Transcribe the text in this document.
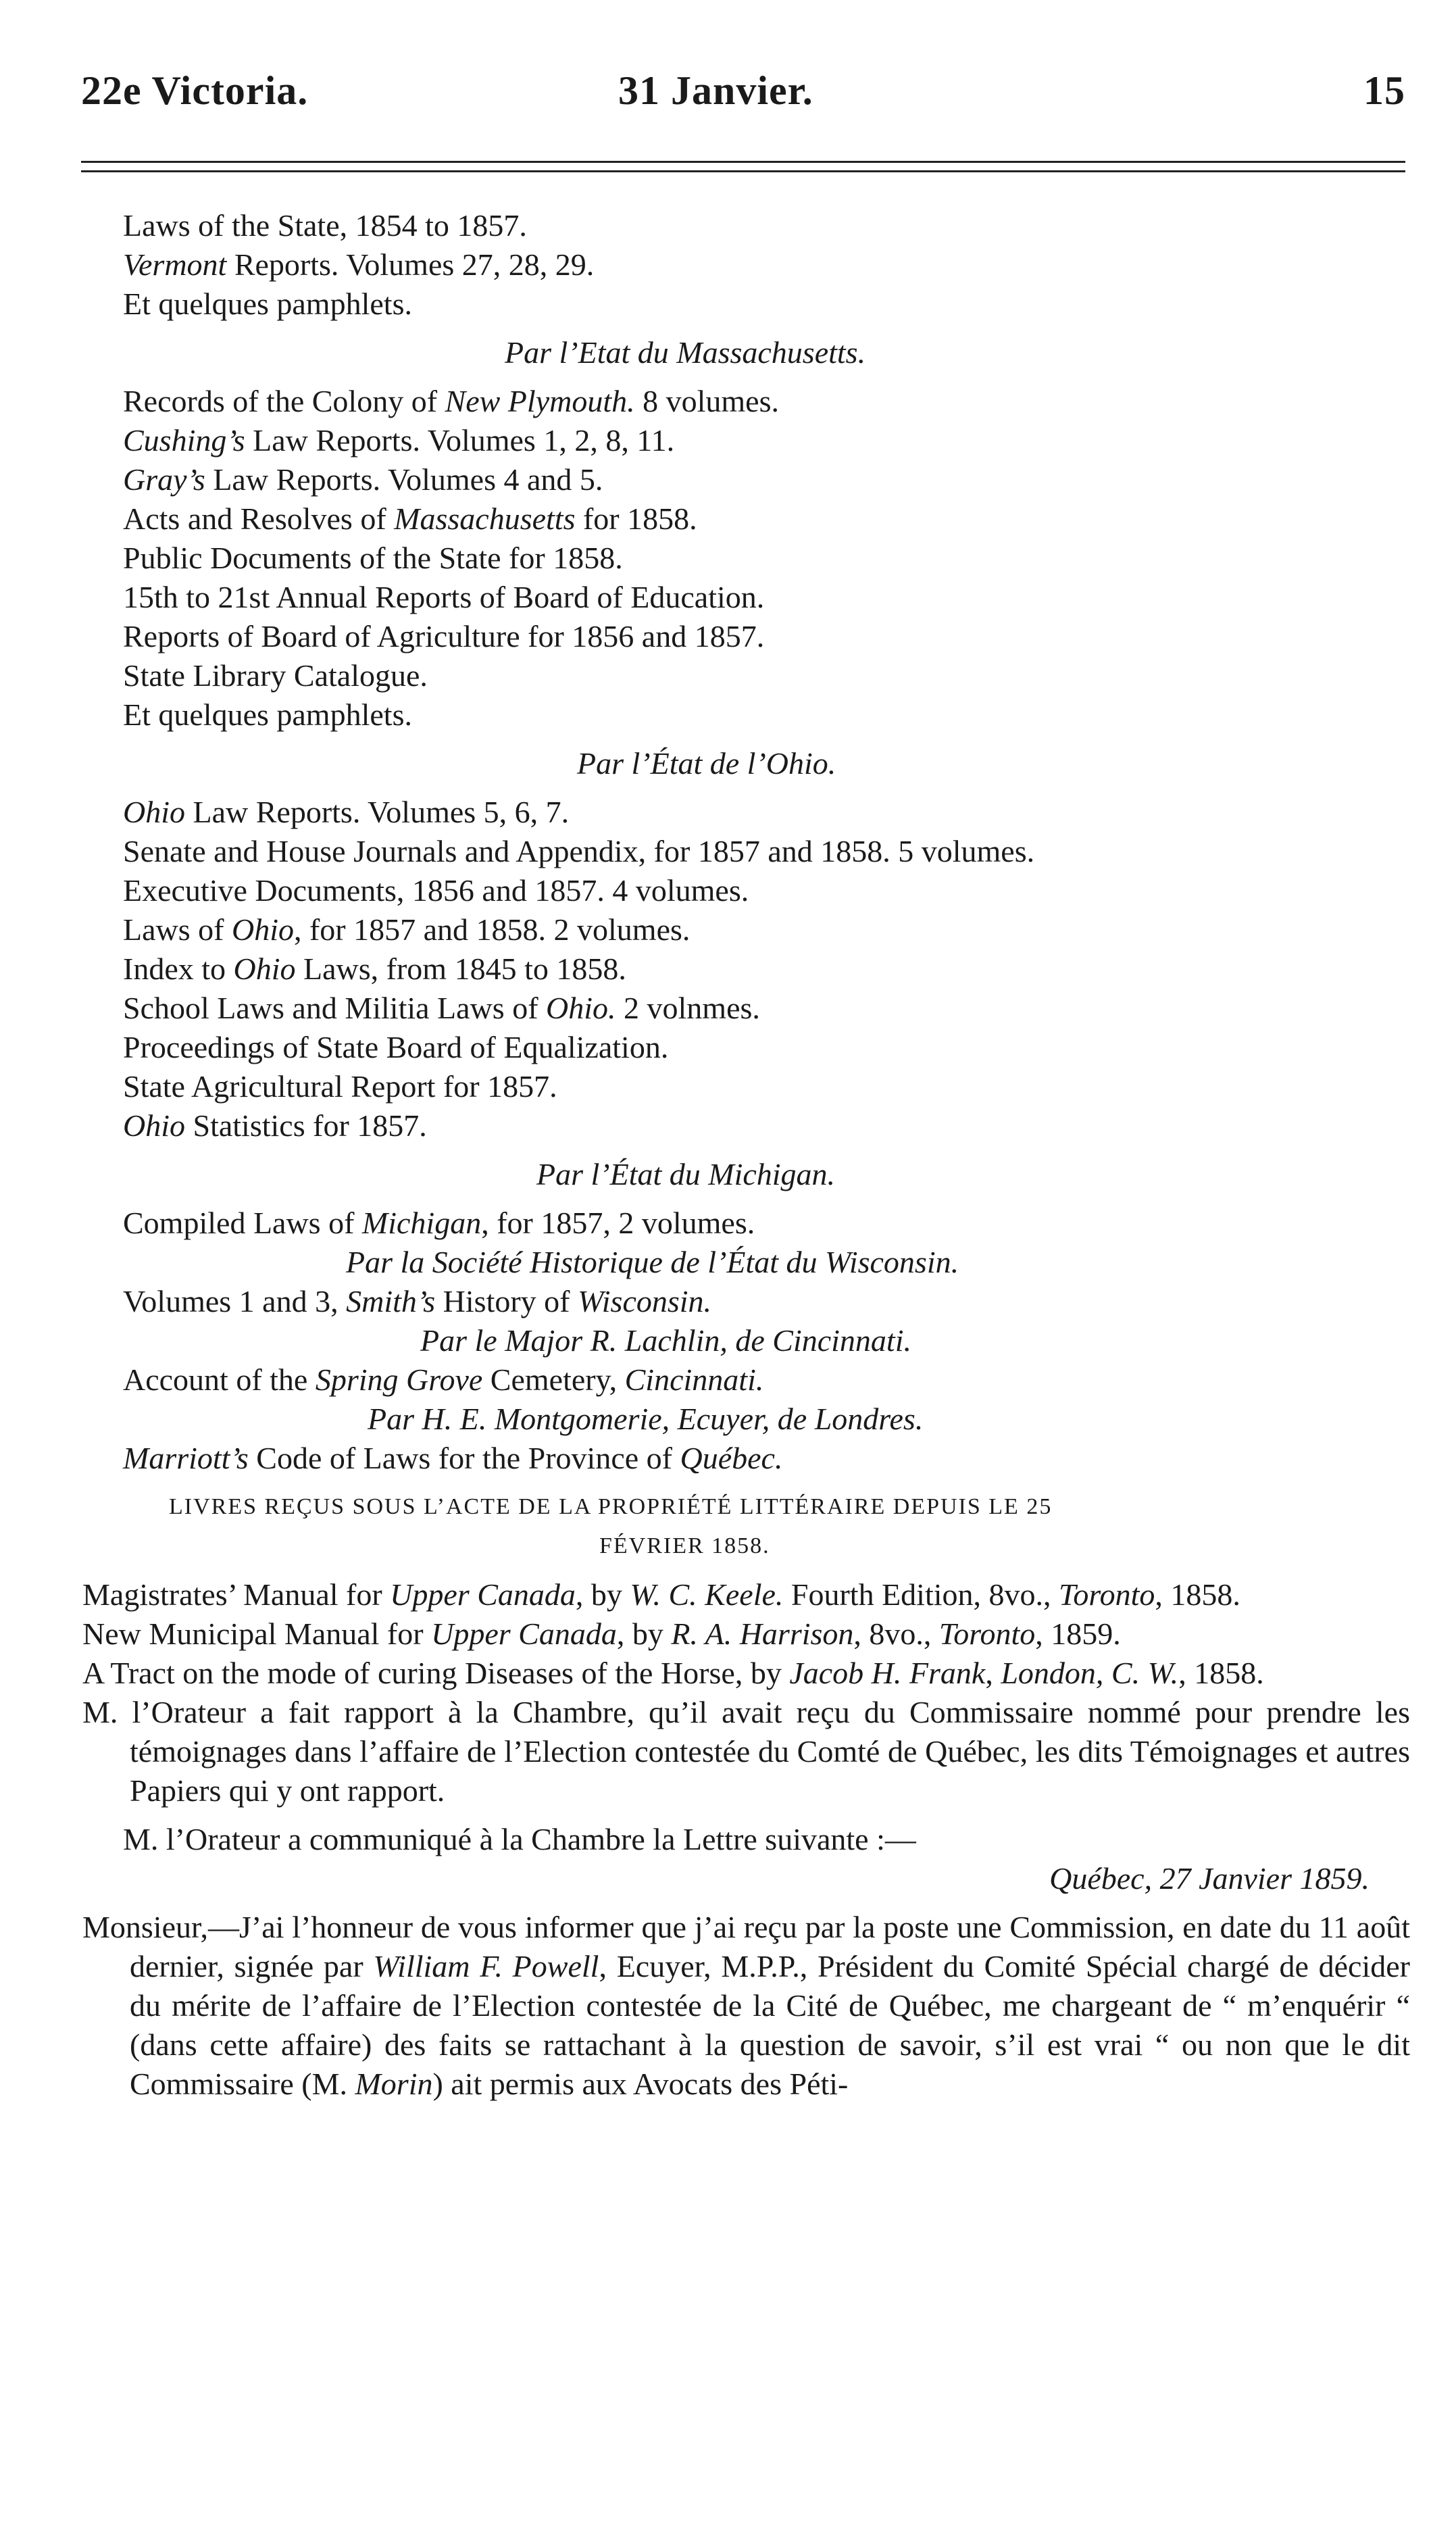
22e Victoria.	31 Janvier.	15
Laws of the State, 1854 to 1857.
Vermont Reports. Volumes 27, 28, 29.
Et quelques pamphlets.
Par l’Etat du Massachusetts.
Records of the Colony of New Plymouth. 8 volumes.
Cushing’s Law Reports. Volumes 1, 2, 8, 11.
Gray’s Law Reports. Volumes 4 and 5.
Acts and Resolves of Massachusetts for 1858.
Public Documents of the State for 1858.
15th to 21st Annual Reports of Board of Education.
Reports of Board of Agriculture for 1856 and 1857.
State Library Catalogue.
Et quelques pamphlets.
Par l’État de l’Ohio.
Ohio Law Reports. Volumes 5, 6, 7.
Senate and House Journals and Appendix, for 1857 and 1858. 5 volumes.
Executive Documents, 1856 and 1857. 4 volumes.
Laws of Ohio, for 1857 and 1858. 2 volumes.
Index to Ohio Laws, from 1845 to 1858.
School Laws and Militia Laws of Ohio. 2 volnmes.
Proceedings of State Board of Equalization.
State Agricultural Report for 1857.
Ohio Statistics for 1857.
Par l’État du Michigan.
Compiled Laws of Michigan, for 1857, 2 volumes.
Par la Société Historique de l’État du Wisconsin.
Volumes 1 and 3, Smith’s History of Wisconsin.
Par le Major R. Lachlin, de Cincinnati.
Account of the Spring Grove Cemetery, Cincinnati.
Par H. E. Montgomerie, Ecuyer, de Londres.
Marriott’s Code of Laws for the Province of Québec.
LIVRES REÇUS SOUS L’ACTE DE LA PROPRIÉTÉ LITTÉRAIRE DEPUIS LE 25
FÉVRIER 1858.
Magistrates’ Manual for Upper Canada, by W. C. Keele. Fourth Edition, 8vo., Toronto, 1858.
New Municipal Manual for Upper Canada, by R. A. Harrison, 8vo., Toronto, 1859.
A Tract on the mode of curing Diseases of the Horse, by Jacob H. Frank, London, C. W., 1858.
M. l’Orateur a fait rapport à la Chambre, qu’il avait reçu du Commissaire nommé pour prendre les témoignages dans l’affaire de l’Election contestée du Comté de Québec, les dits Témoignages et autres Papiers qui y ont rapport.
M. l’Orateur a communiqué à la Chambre la Lettre suivante :—
Québec, 27 Janvier 1859.
Monsieur,—J’ai l’honneur de vous informer que j’ai reçu par la poste une Commission, en date du 11 août dernier, signée par William F. Powell, Ecuyer, M.P.P., Président du Comité Spécial chargé de décider du mérite de l’affaire de l’Election contestée de la Cité de Québec, me chargeant de “ m’enquérir “ (dans cette affaire) des faits se rattachant à la question de savoir, s’il est vrai “ ou non que le dit Commissaire (M. Morin) ait permis aux Avocats des Péti-
